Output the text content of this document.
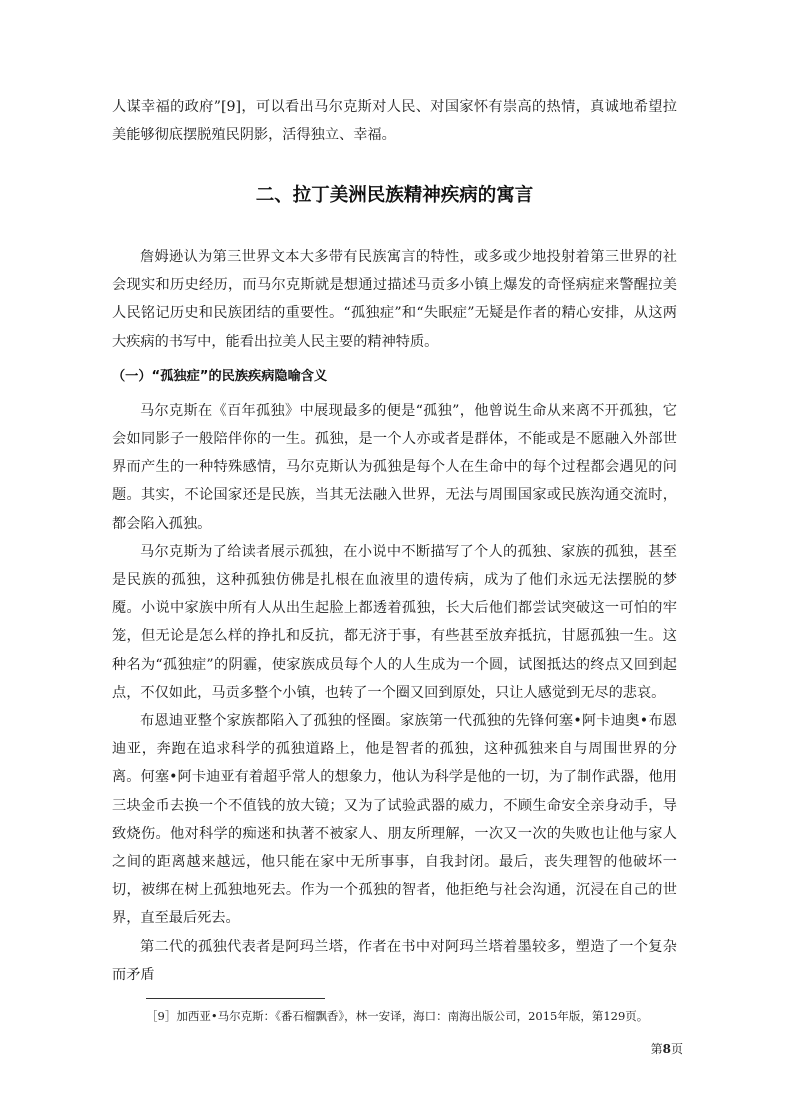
人谋幸福的政府”[9]，可以看出马尔克斯对人民、对国家怀有崇高的热情，真诚地希望拉美能够彻底摆脱殖民阴影，活得独立、幸福。

二、拉丁美洲民族精神疾病的寓言

詹姆逊认为第三世界文本大多带有民族寓言的特性，或多或少地投射着第三世界的社会现实和历史经历，而马尔克斯就是想通过描述马贡多小镇上爆发的奇怪病症来警醒拉美人民铭记历史和民族团结的重要性。“孤独症”和“失眠症”无疑是作者的精心安排，从这两大疾病的书写中，能看出拉美人民主要的精神特质。

（一）“孤独症”的民族疾病隐喻含义

马尔克斯在《百年孤独》中展现最多的便是“孤独”，他曾说生命从来离不开孤独，它会如同影子一般陪伴你的一生。孤独，是一个人亦或者是群体，不能或是不愿融入外部世界而产生的一种特殊感情，马尔克斯认为孤独是每个人在生命中的每个过程都会遇见的问题。其实，不论国家还是民族，当其无法融入世界，无法与周围国家或民族沟通交流时，都会陷入孤独。

马尔克斯为了给读者展示孤独，在小说中不断描写了个人的孤独、家族的孤独，甚至是民族的孤独，这种孤独仿佛是扎根在血液里的遗传病，成为了他们永远无法摆脱的梦魇。小说中家族中所有人从出生起脸上都透着孤独，长大后他们都尝试突破这一可怕的牢笼，但无论是怎么样的挣扎和反抗，都无济于事，有些甚至放弃抵抗，甘愿孤独一生。这种名为“孤独症”的阴霾，使家族成员每个人的人生成为一个圆，试图抵达的终点又回到起点，不仅如此，马贡多整个小镇，也转了一个圈又回到原处，只让人感觉到无尽的悲哀。

布恩迪亚整个家族都陷入了孤独的怪圈。家族第一代孤独的先锋何塞•阿卡迪奥•布恩迪亚，奔跑在追求科学的孤独道路上，他是智者的孤独，这种孤独来自与周围世界的分离。何塞•阿卡迪亚有着超乎常人的想象力，他认为科学是他的一切，为了制作武器，他用三块金币去换一个不值钱的放大镜；又为了试验武器的威力，不顾生命安全亲身动手，导致烧伤。他对科学的痴迷和执著不被家人、朋友所理解，一次又一次的失败也让他与家人之间的距离越来越远，他只能在家中无所事事，自我封闭。最后，丧失理智的他破坏一切，被绑在树上孤独地死去。作为一个孤独的智者，他拒绝与社会沟通，沉浸在自己的世界，直至最后死去。

第二代的孤独代表者是阿玛兰塔，作者在书中对阿玛兰塔着墨较多，塑造了一个复杂而矛盾

［9］加西亚•马尔克斯：《番石榴飘香》，林一安译，海口：南海出版公司，2015年版，第129页。
第8页
